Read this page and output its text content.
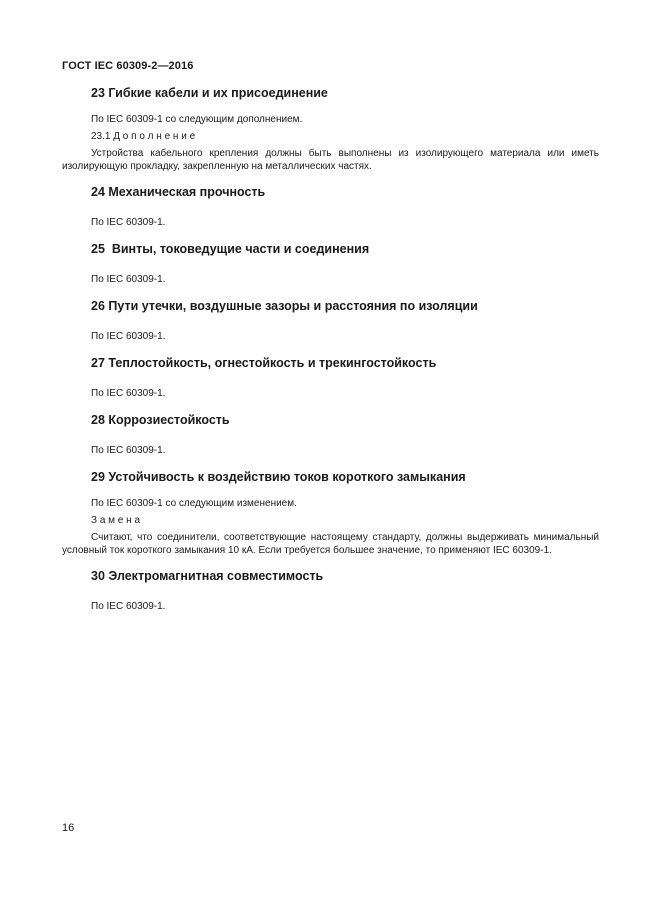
ГОСТ IEC 60309-2—2016
23 Гибкие кабели и их присоединение

По IEC 60309-1 со следующим дополнением.

23.1 Д о п о л н е н и е

Устройства кабельного крепления должны быть выполнены из изолирующего материала или иметь изолирующую прокладку, закрепленную на металлических частях.

24 Механическая прочность

По IEC 60309-1.

25  Винты, токоведущие части и соединения

По IEC 60309-1.

26 Пути утечки, воздушные зазоры и расстояния по изоляции

По IEC 60309-1.

27 Теплостойкость, огнестойкость и трекингостойкость

По IEC 60309-1.

28 Коррозиестойкость

По IEC 60309-1.

29 Устойчивость к воздействию токов короткого замыкания

По IEC 60309-1 со следующим изменением.

З а м е н а

Считают, что соединители, соответствующие настоящему стандарту, должны выдерживать минимальный условный ток короткого замыкания 10 кА. Если требуется большее значение, то применяют IEC 60309-1.

30 Электромагнитная совместимость

По IEC 60309-1.

16
